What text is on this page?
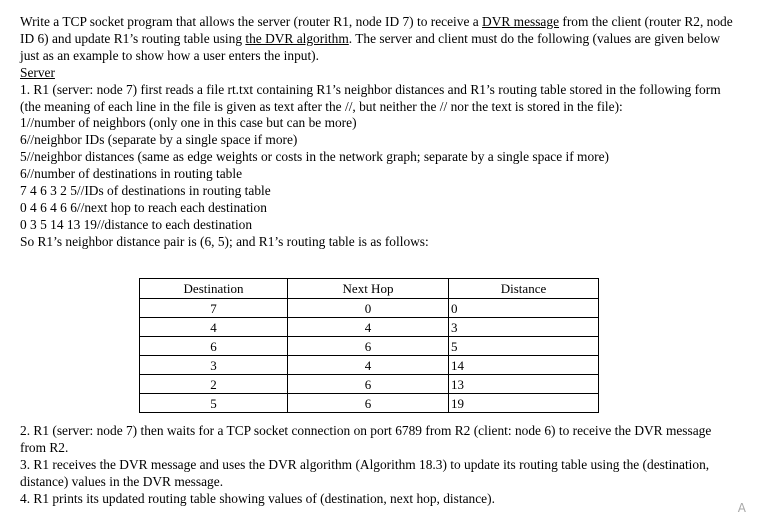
Write a TCP socket program that allows the server (router R1, node ID 7) to receive a DVR message from the client (router R2, node ID 6) and update R1’s routing table using the DVR algorithm. The server and client must do the following (values are given below just as an example to show how a user enters the input).

Server

1. R1 (server: node 7) first reads a file rt.txt containing R1’s neighbor distances and R1’s routing table stored in the following form (the meaning of each line in the file is given as text after the //, but neither the // nor the text is stored in the file):

1//number of neighbors (only one in this case but can be more)

6//neighbor IDs (separate by a single space if more)

5//neighbor distances (same as edge weights or costs in the network graph; separate by a single space if more)

6//number of destinations in routing table

7 4 6 3 2 5//IDs of destinations in routing table

0 4 6 4 6 6//next hop to reach each destination

0 3 5 14 13 19//distance to each destination

So R1’s neighbor distance pair is (6, 5); and R1’s routing table is as follows:

Destination	Next Hop	Distance
7	0	0
4	4	3
6	6	5
3	4	14
2	6	13
5	6	19

2. R1 (server: node 7) then waits for a TCP socket connection on port 6789 from R2 (client: node 6) to receive the DVR message from R2.

3. R1 receives the DVR message and uses the DVR algorithm (Algorithm 18.3) to update its routing table using the (destination, distance) values in the DVR message.

4. R1 prints its updated routing table showing values of (destination, next hop, distance).

A
